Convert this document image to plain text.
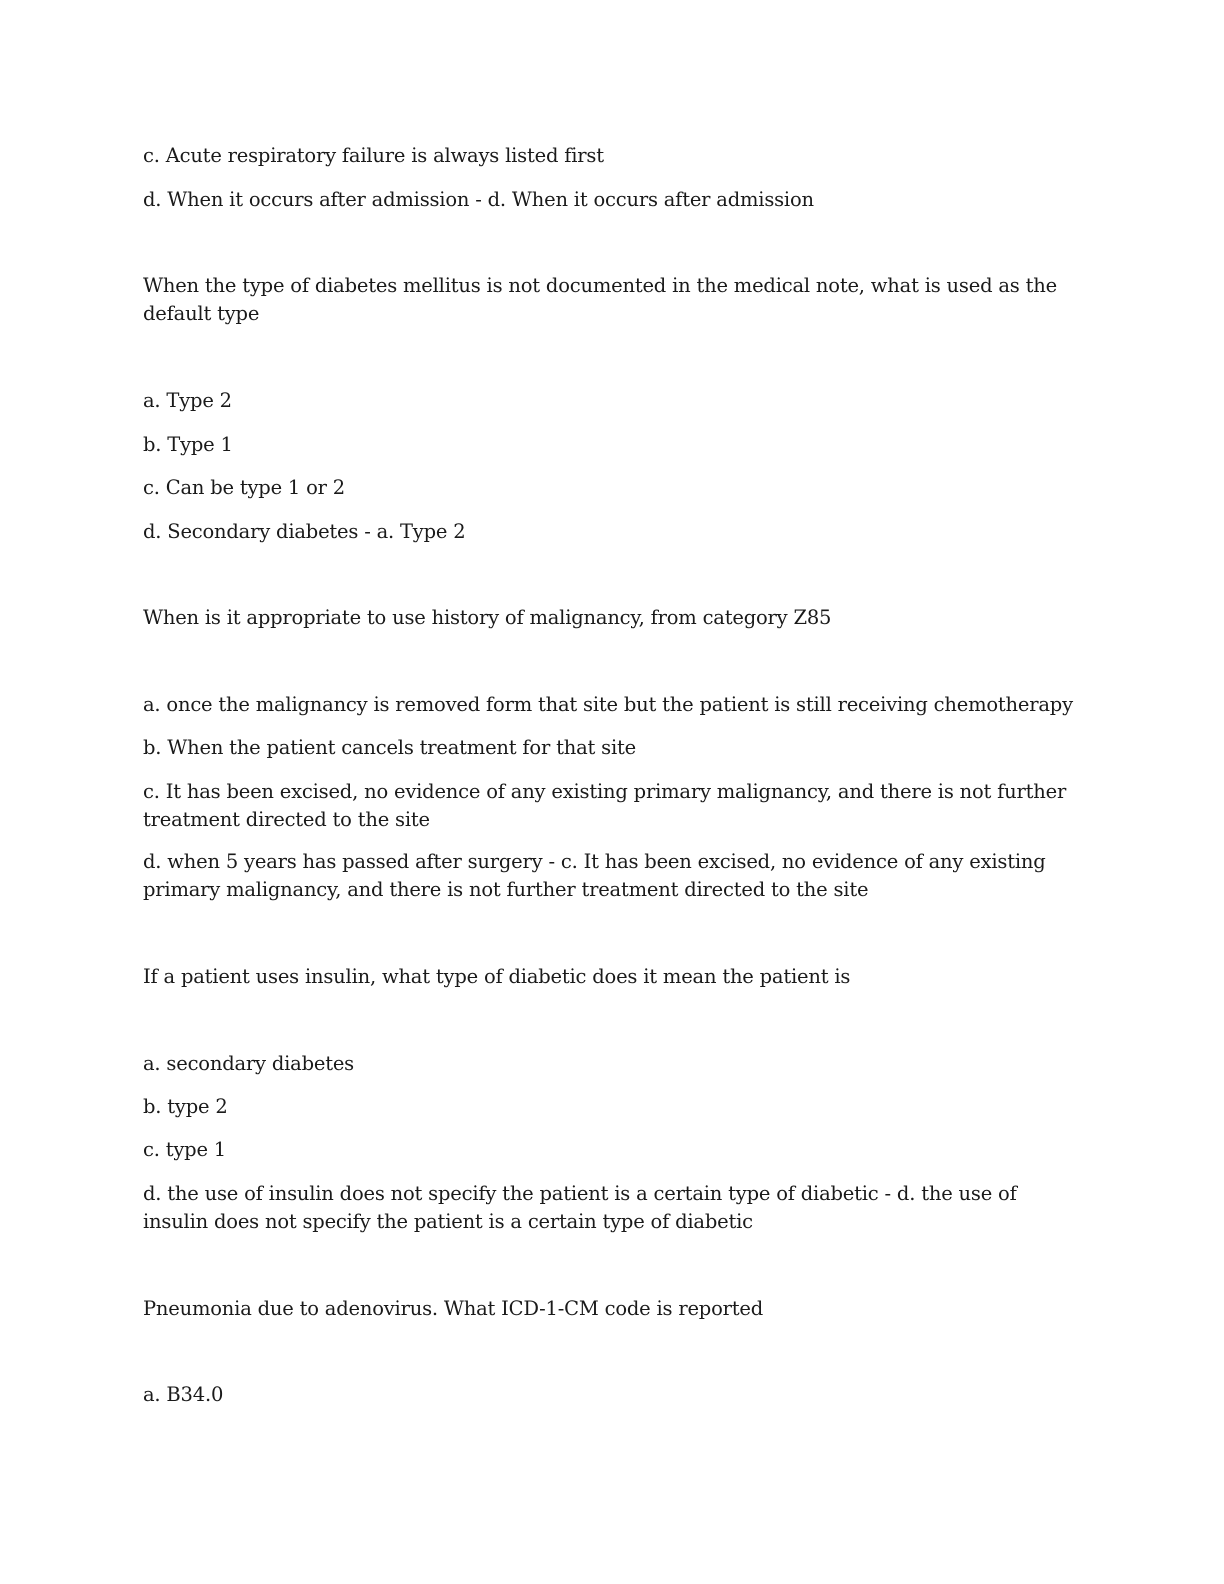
c. Acute respiratory failure is always listed first
d. When it occurs after admission - d. When it occurs after admission
When the type of diabetes mellitus is not documented in the medical note, what is used as the default type
a. Type 2
b. Type 1
c. Can be type 1 or 2
d. Secondary diabetes - a. Type 2
When is it appropriate to use history of malignancy, from category Z85
a. once the malignancy is removed form that site but the patient is still receiving chemotherapy
b. When the patient cancels treatment for that site
c. It has been excised, no evidence of any existing primary malignancy, and there is not further treatment directed to the site
d. when 5 years has passed after surgery - c. It has been excised, no evidence of any existing primary malignancy, and there is not further treatment directed to the site
If a patient uses insulin, what type of diabetic does it mean the patient is
a. secondary diabetes
b. type 2
c. type 1
d. the use of insulin does not specify the patient is a certain type of diabetic - d. the use of insulin does not specify the patient is a certain type of diabetic
Pneumonia due to adenovirus. What ICD-1-CM code is reported
a. B34.0
